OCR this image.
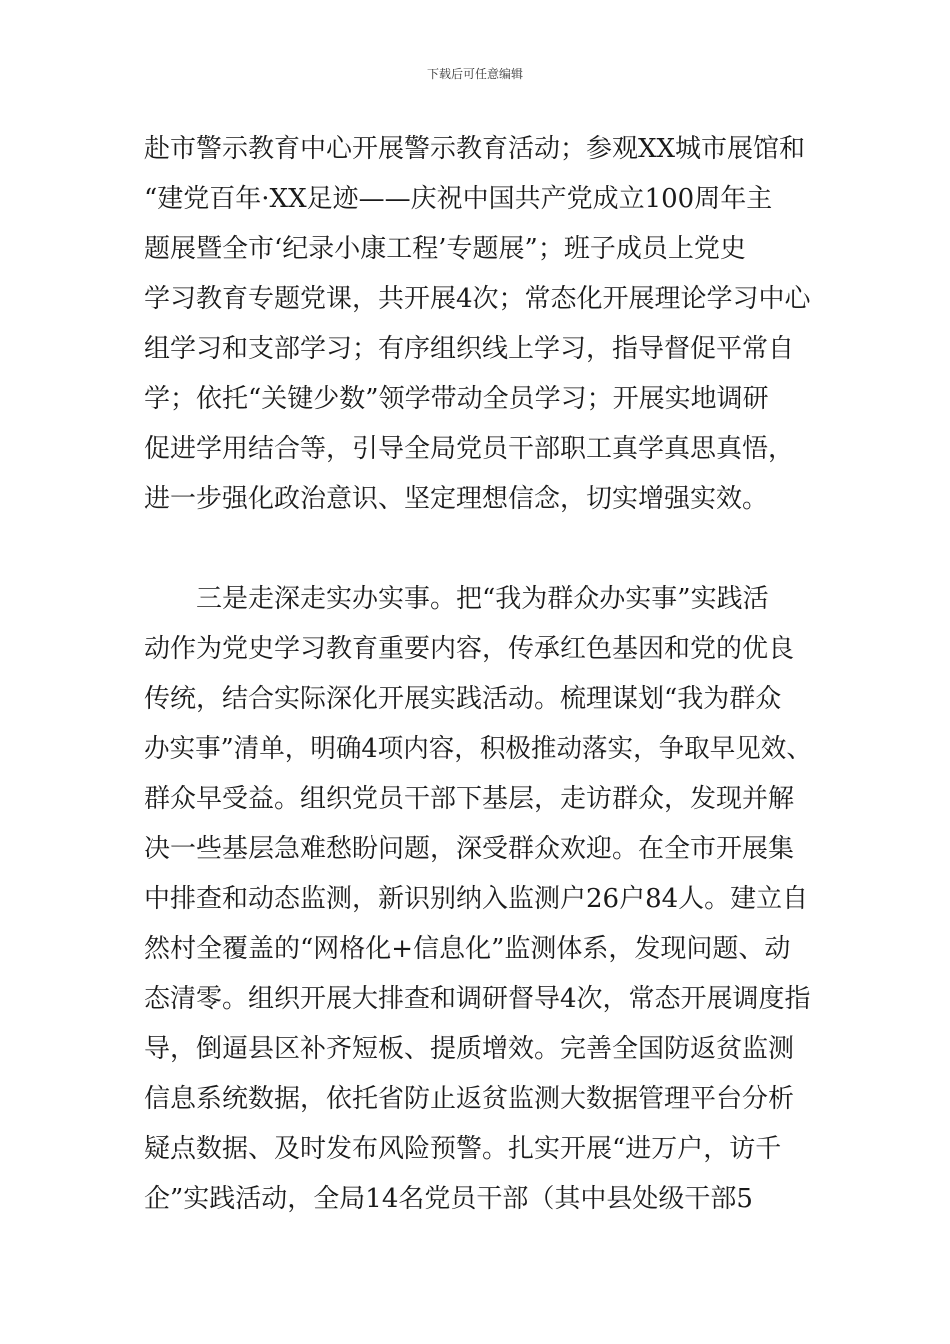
下载后可任意编辑
赴市警示教育中心开展警示教育活动；参观XX城市展馆和
“建党百年·XX足迹——庆祝中国共产党成立100周年主
题展暨全市‘纪录小康工程’专题展”；班子成员上党史
学习教育专题党课，共开展4次；常态化开展理论学习中心
组学习和支部学习；有序组织线上学习，指导督促平常自
学；依托“关键少数”领学带动全员学习；开展实地调研
促进学用结合等，引导全局党员干部职工真学真思真悟，
进一步强化政治意识、坚定理想信念，切实增强实效。
三是走深走实办实事。把“我为群众办实事”实践活
动作为党史学习教育重要内容，传承红色基因和党的优良
传统，结合实际深化开展实践活动。梳理谋划“我为群众
办实事”清单，明确4项内容，积极推动落实，争取早见效、
群众早受益。组织党员干部下基层，走访群众，发现并解
决一些基层急难愁盼问题，深受群众欢迎。在全市开展集
中排查和动态监测，新识别纳入监测户26户84人。建立自
然村全覆盖的“网格化+信息化”监测体系，发现问题、动
态清零。组织开展大排查和调研督导4次，常态开展调度指
导，倒逼县区补齐短板、提质增效。完善全国防返贫监测
信息系统数据，依托省防止返贫监测大数据管理平台分析
疑点数据、及时发布风险预警。扎实开展“进万户，访千
企”实践活动，全局14名党员干部（其中县处级干部5
